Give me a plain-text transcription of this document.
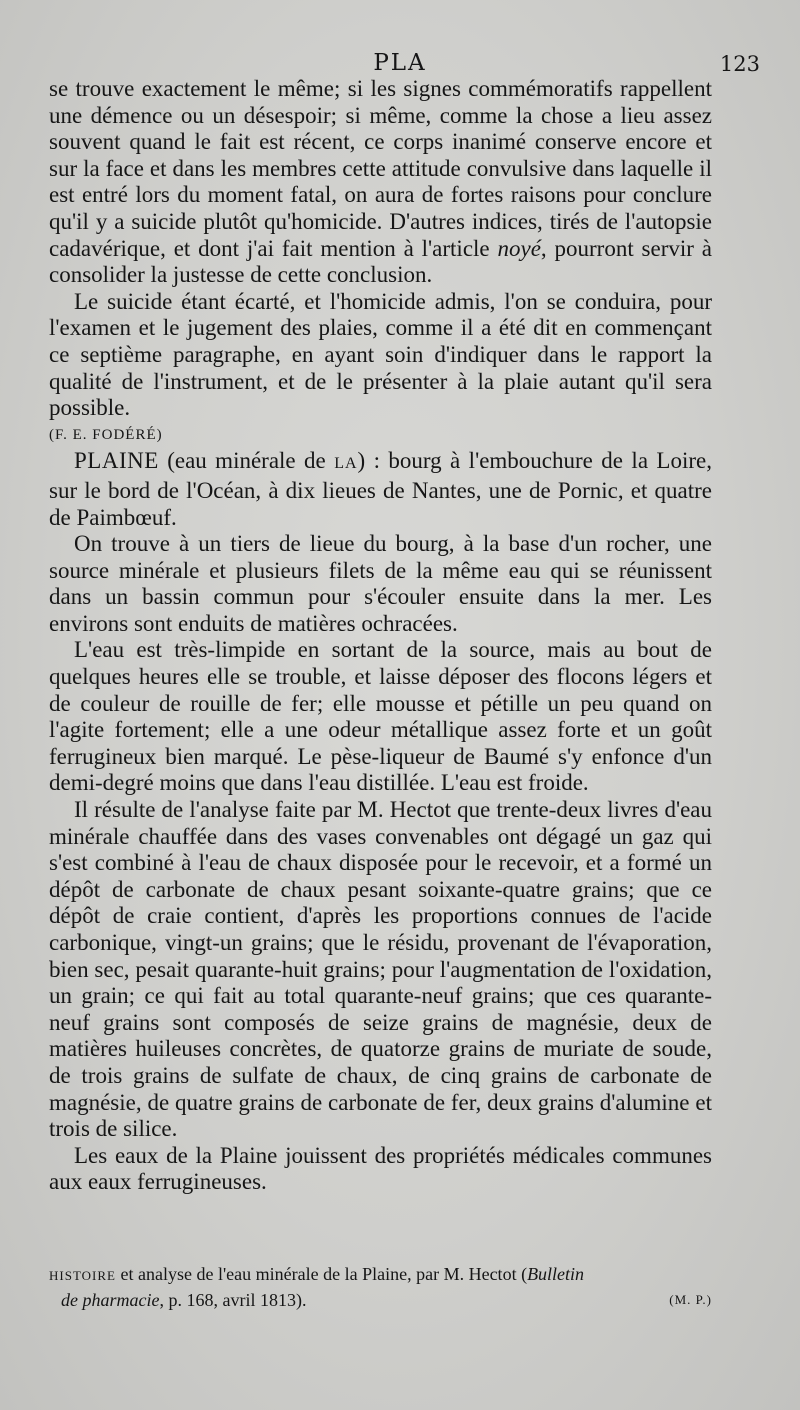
PLA	123

se trouve exactement le même; si les signes commémoratifs rappellent une démence ou un désespoir; si même, comme la chose a lieu assez souvent quand le fait est récent, ce corps inanimé conserve encore et sur la face et dans les membres cette attitude convulsive dans laquelle il est entré lors du moment fatal, on aura de fortes raisons pour conclure qu'il y a suicide plutôt qu'homicide. D'autres indices, tirés de l'autopsie cadavérique, et dont j'ai fait mention à l'article noyé, pourront servir à consolider la justesse de cette conclusion.

Le suicide étant écarté, et l'homicide admis, l'on se conduira, pour l'examen et le jugement des plaies, comme il a été dit en commençant ce septième paragraphe, en ayant soin d'indiquer dans le rapport la qualité de l'instrument, et de le présenter à la plaie autant qu'il sera possible.

(F. E. FODÉRÉ)

PLAINE (eau minérale de LA) : bourg à l'embouchure de la Loire, sur le bord de l'Océan, à dix lieues de Nantes, une de Pornic, et quatre de Paimbœuf.

On trouve à un tiers de lieue du bourg, à la base d'un rocher, une source minérale et plusieurs filets de la même eau qui se réunissent dans un bassin commun pour s'écouler ensuite dans la mer. Les environs sont enduits de matières ochracées.

L'eau est très-limpide en sortant de la source, mais au bout de quelques heures elle se trouble, et laisse déposer des flocons légers et de couleur de rouille de fer; elle mousse et pétille un peu quand on l'agite fortement; elle a une odeur métallique assez forte et un goût ferrugineux bien marqué. Le pèse-liqueur de Baumé s'y enfonce d'un demi-degré moins que dans l'eau distillée. L'eau est froide.

Il résulte de l'analyse faite par M. Hectot que trente-deux livres d'eau minérale chauffée dans des vases convenables ont dégagé un gaz qui s'est combiné à l'eau de chaux disposée pour le recevoir, et a formé un dépôt de carbonate de chaux pesant soixante-quatre grains; que ce dépôt de craie contient, d'après les proportions connues de l'acide carbonique, vingt-un grains; que le résidu, provenant de l'évaporation, bien sec, pesait quarante-huit grains; pour l'augmentation de l'oxidation, un grain; ce qui fait au total quarante-neuf grains; que ces quarante-neuf grains sont composés de seize grains de magnésie, deux de matières huileuses concrètes, de quatorze grains de muriate de soude, de trois grains de sulfate de chaux, de cinq grains de carbonate de magnésie, de quatre grains de carbonate de fer, deux grains d'alumine et trois de silice.

Les eaux de la Plaine jouissent des propriétés médicales communes aux eaux ferrugineuses.

HISTOIRE et analyse de l'eau minérale de la Plaine, par M. Hectot (Bulletin
de pharmacie, p. 168, avril 1813).	(M. P.)
